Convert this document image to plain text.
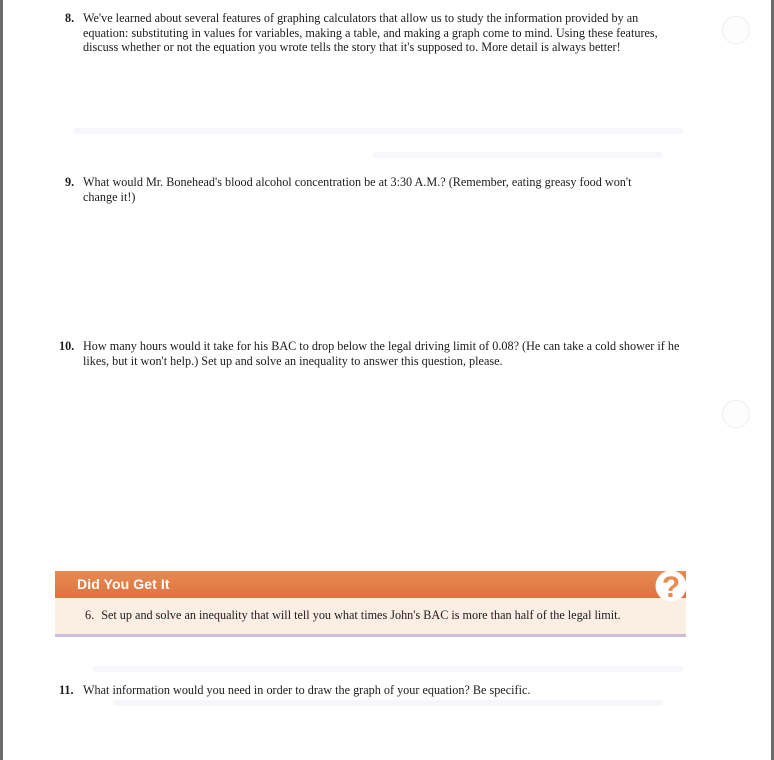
8. We've learned about several features of graphing calculators that allow us to study the information provided by an equation: substituting in values for variables, making a table, and making a graph come to mind. Using these features, discuss whether or not the equation you wrote tells the story that it's supposed to. More detail is always better!
9. What would Mr. Bonehead's blood alcohol concentration be at 3:30 A.M.? (Remember, eating greasy food won't change it!)
10. How many hours would it take for his BAC to drop below the legal driving limit of 0.08? (He can take a cold shower if he likes, but it won't help.) Set up and solve an inequality to answer this question, please.
Did You Get It
6. Set up and solve an inequality that will tell you what times John's BAC is more than half of the legal limit.
?
11. What information would you need in order to draw the graph of your equation? Be specific.
